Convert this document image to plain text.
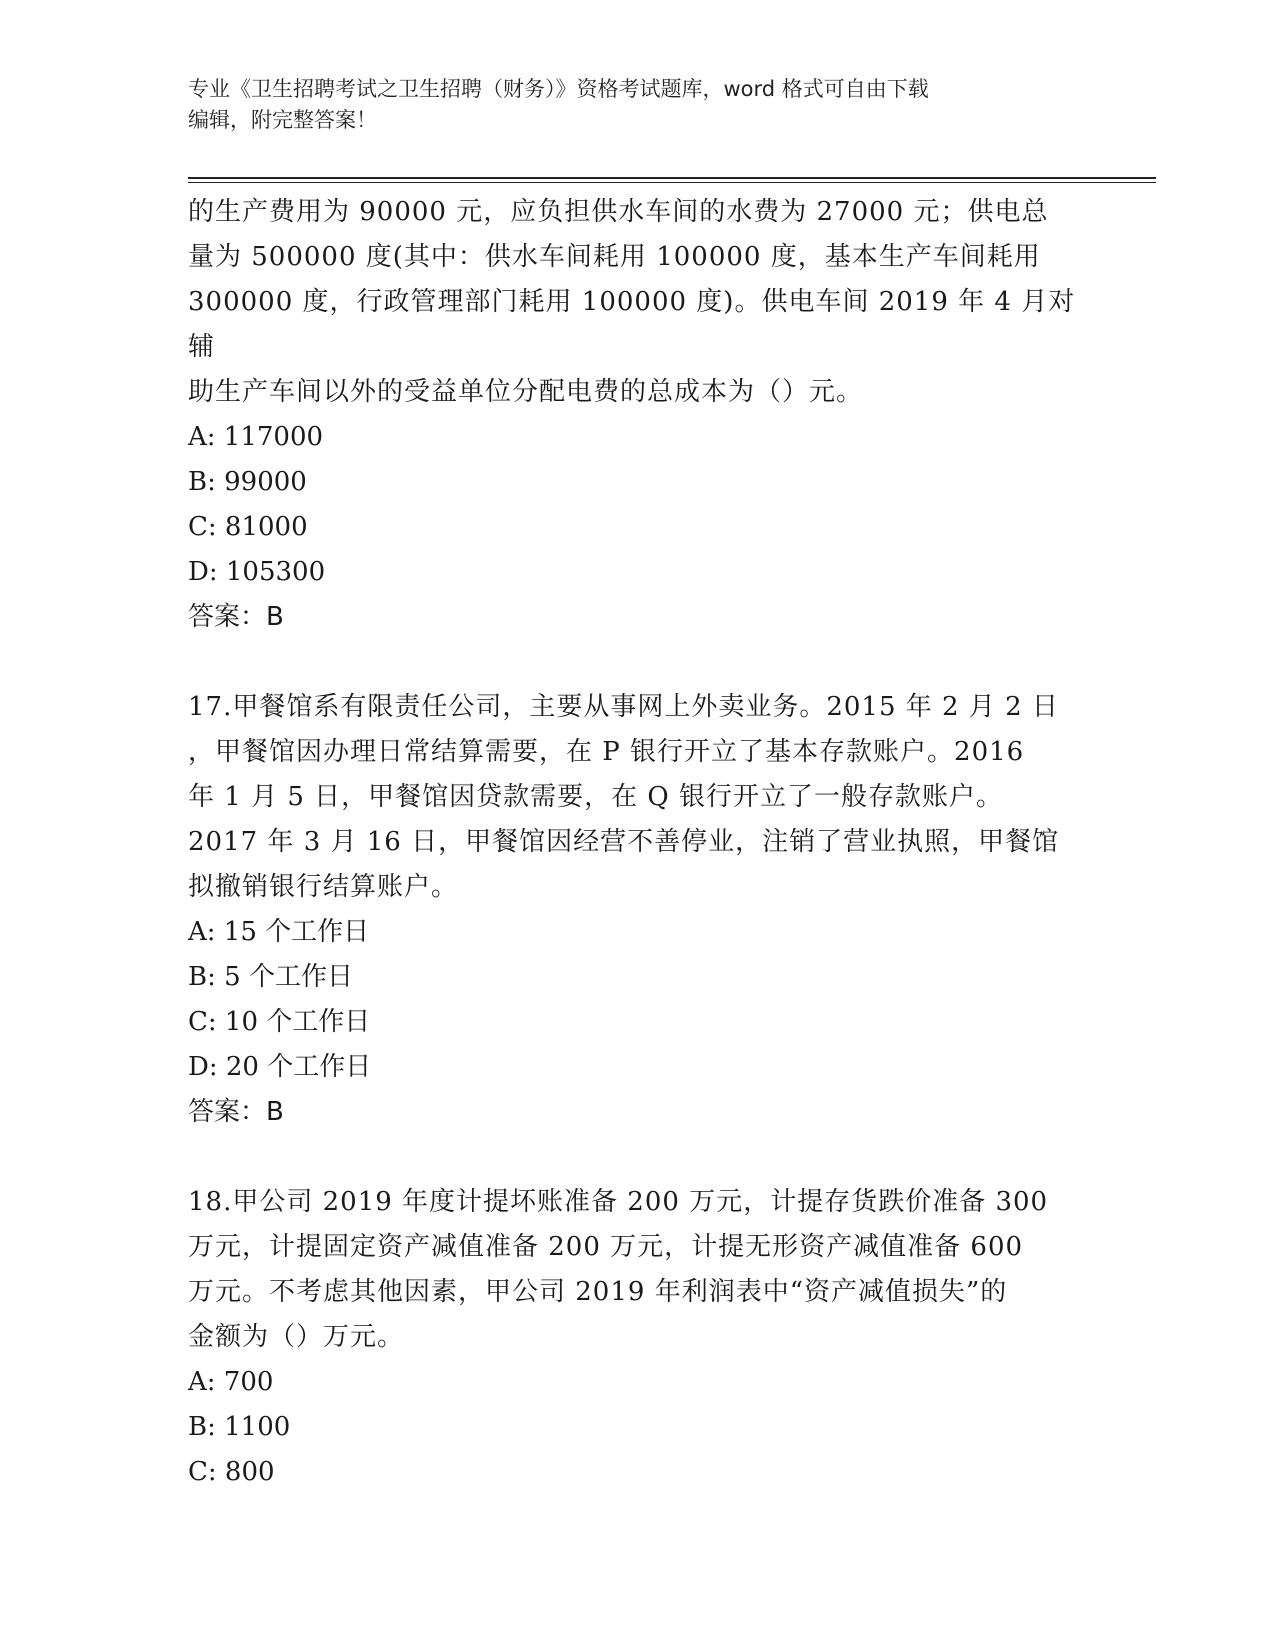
专业《卫生招聘考试之卫生招聘（财务）》资格考试题库，word 格式可自由下载
编辑，附完整答案！
的生产费用为 90000 元，应负担供水车间的水费为 27000 元；供电总
量为 500000 度(其中：供水车间耗用 100000 度，基本生产车间耗用
300000 度，行政管理部门耗用 100000 度)。供电车间 2019 年 4 月对辅
助生产车间以外的受益单位分配电费的总成本为（）元。
A: 117000
B: 99000
C: 81000
D: 105300
答案：B
17.甲餐馆系有限责任公司，主要从事网上外卖业务。2015 年 2 月 2 日
，甲餐馆因办理日常结算需要，在 P 银行开立了基本存款账户。2016
年 1 月 5 日，甲餐馆因贷款需要，在 Q 银行开立了一般存款账户。
2017 年 3 月 16 日，甲餐馆因经营不善停业，注销了营业执照，甲餐馆
拟撤销银行结算账户。
A: 15 个工作日
B: 5 个工作日
C: 10 个工作日
D: 20 个工作日
答案：B
18.甲公司 2019 年度计提坏账准备 200 万元，计提存货跌价准备 300
万元，计提固定资产减值准备 200 万元，计提无形资产减值准备 600
万元。不考虑其他因素，甲公司 2019 年利润表中“资产减值损失”的
金额为（）万元。
A: 700
B: 1100
C: 800
